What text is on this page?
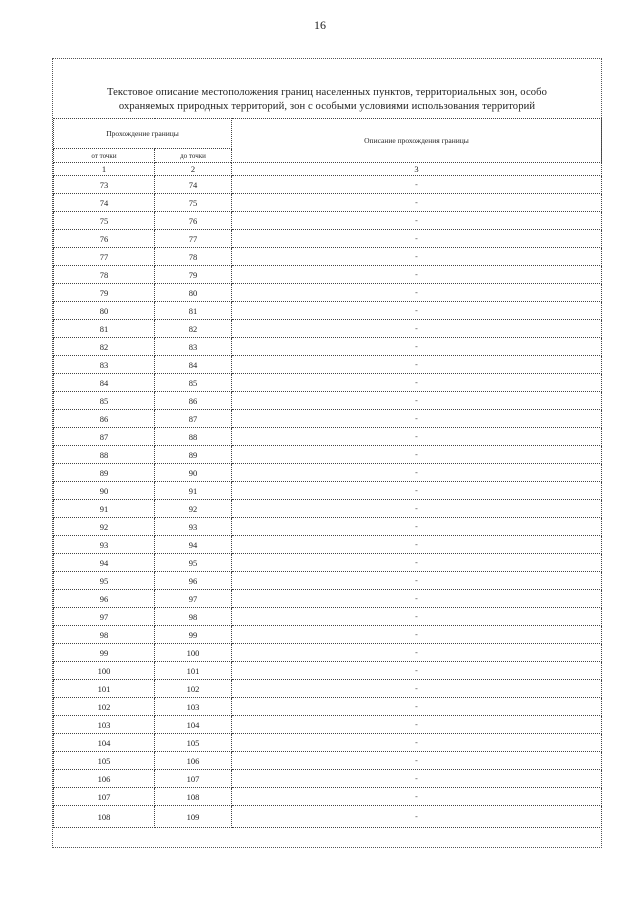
16
Текстовое описание местоположения границ населенных пунктов, территориальных зон, особо
охраняемых природных территорий, зон с особыми условиями использования территорий
Прохождение границы		Описание прохождения границы
от точки	до точки	
1	2	3
73	74	-
74	75	-
75	76	-
76	77	-
77	78	-
78	79	-
79	80	-
80	81	-
81	82	-
82	83	-
83	84	-
84	85	-
85	86	-
86	87	-
87	88	-
88	89	-
89	90	-
90	91	-
91	92	-
92	93	-
93	94	-
94	95	-
95	96	-
96	97	-
97	98	-
98	99	-
99	100	-
100	101	-
101	102	-
102	103	-
103	104	-
104	105	-
105	106	-
106	107	-
107	108	-
108	109	-
